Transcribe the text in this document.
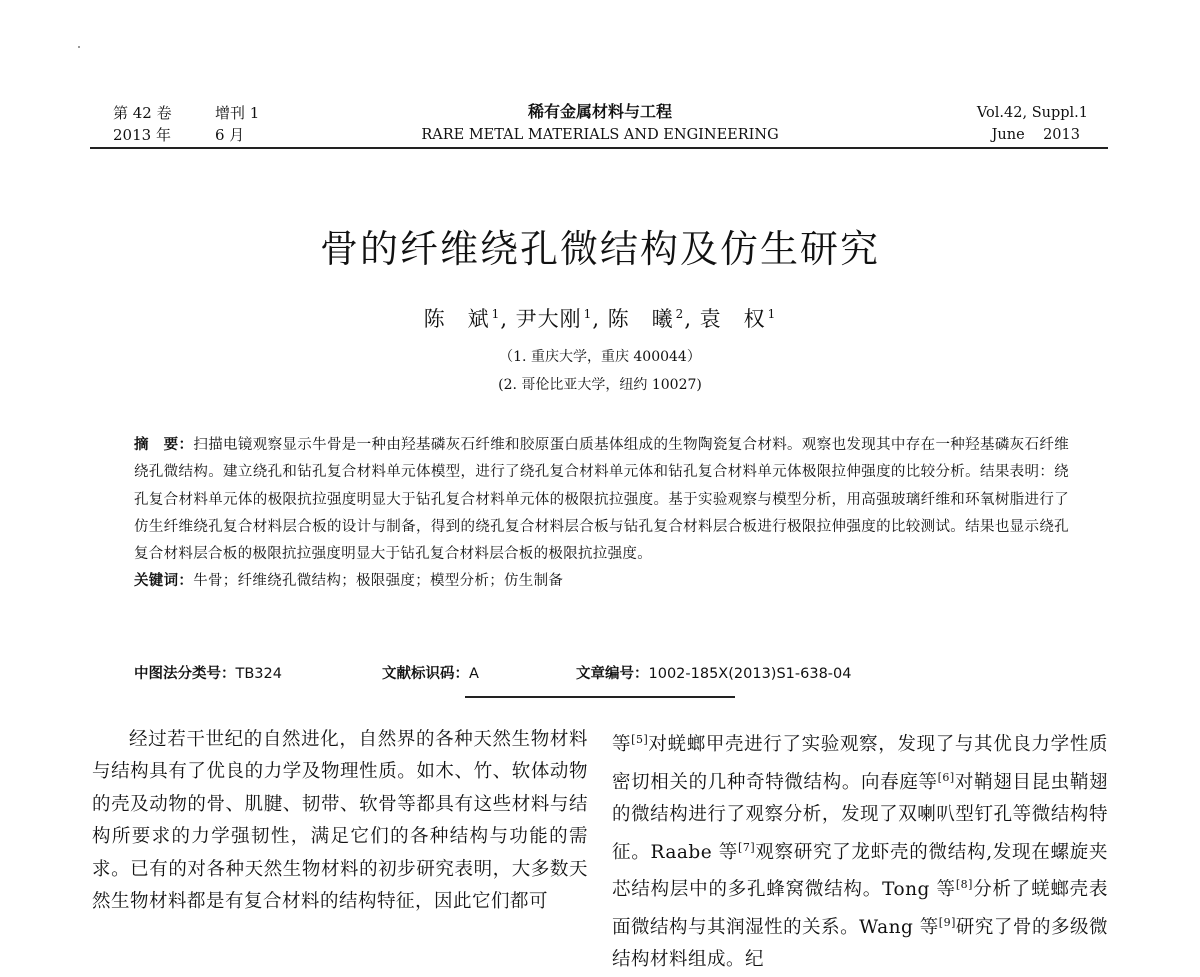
第 42 卷	增刊 1
2013 年	6 月
稀有金属材料与工程
RARE METAL MATERIALS AND ENGINEERING
Vol.42, Suppl.1
June    2013
骨的纤维绕孔微结构及仿生研究
陈　斌 $^1$, 尹大刚 $^1$, 陈　曦 $^2$, 袁　权 $^1$
（1. 重庆大学，重庆 400044）
(2. 哥伦比亚大学，纽约 10027)
摘　要：扫描电镜观察显示牛骨是一种由羟基磷灰石纤维和胶原蛋白质基体组成的生物陶瓷复合材料。观察也发现其中存在一种羟基磷灰石纤维绕孔微结构。建立绕孔和钻孔复合材料单元体模型，进行了绕孔复合材料单元体和钻孔复合材料单元体极限拉伸强度的比较分析。结果表明：绕孔复合材料单元体的极限抗拉强度明显大于钻孔复合材料单元体的极限抗拉强度。基于实验观察与模型分析，用高强玻璃纤维和环氧树脂进行了仿生纤维绕孔复合材料层合板的设计与制备，得到的绕孔复合材料层合板与钻孔复合材料层合板进行极限拉伸强度的比较测试。结果也显示绕孔复合材料层合板的极限抗拉强度明显大于钻孔复合材料层合板的极限抗拉强度。
关键词：牛骨；纤维绕孔微结构；极限强度；模型分析；仿生制备
中图法分类号：TB324	文献标识码：A	文章编号：1002-185X(2013)S1-638-04

经过若干世纪的自然进化，自然界的各种天然生物材料与结构具有了优良的力学及物理性质。如木、竹、软体动物的壳及动物的骨、肌腱、韧带、软骨等都具有这些材料与结构所要求的力学强韧性，满足它们的各种结构与功能的需求。已有的对各种天然生物材料的初步研究表明，大多数天然生物材料都是有复合材料的结构特征，因此它们都可

等[5]对蜣螂甲壳进行了实验观察，发现了与其优良力学性质密切相关的几种奇特微结构。向春庭等[6]对鞘翅目昆虫鞘翅的微结构进行了观察分析，发现了双喇叭型钉孔等微结构特征。Raabe 等[7]观察研究了龙虾壳的微结构,发现在螺旋夹芯结构层中的多孔蜂窝微结构。Tong 等[8]分析了蜣螂壳表面微结构与其润湿性的关系。Wang 等[9]研究了骨的多级微结构材料组成。纪
